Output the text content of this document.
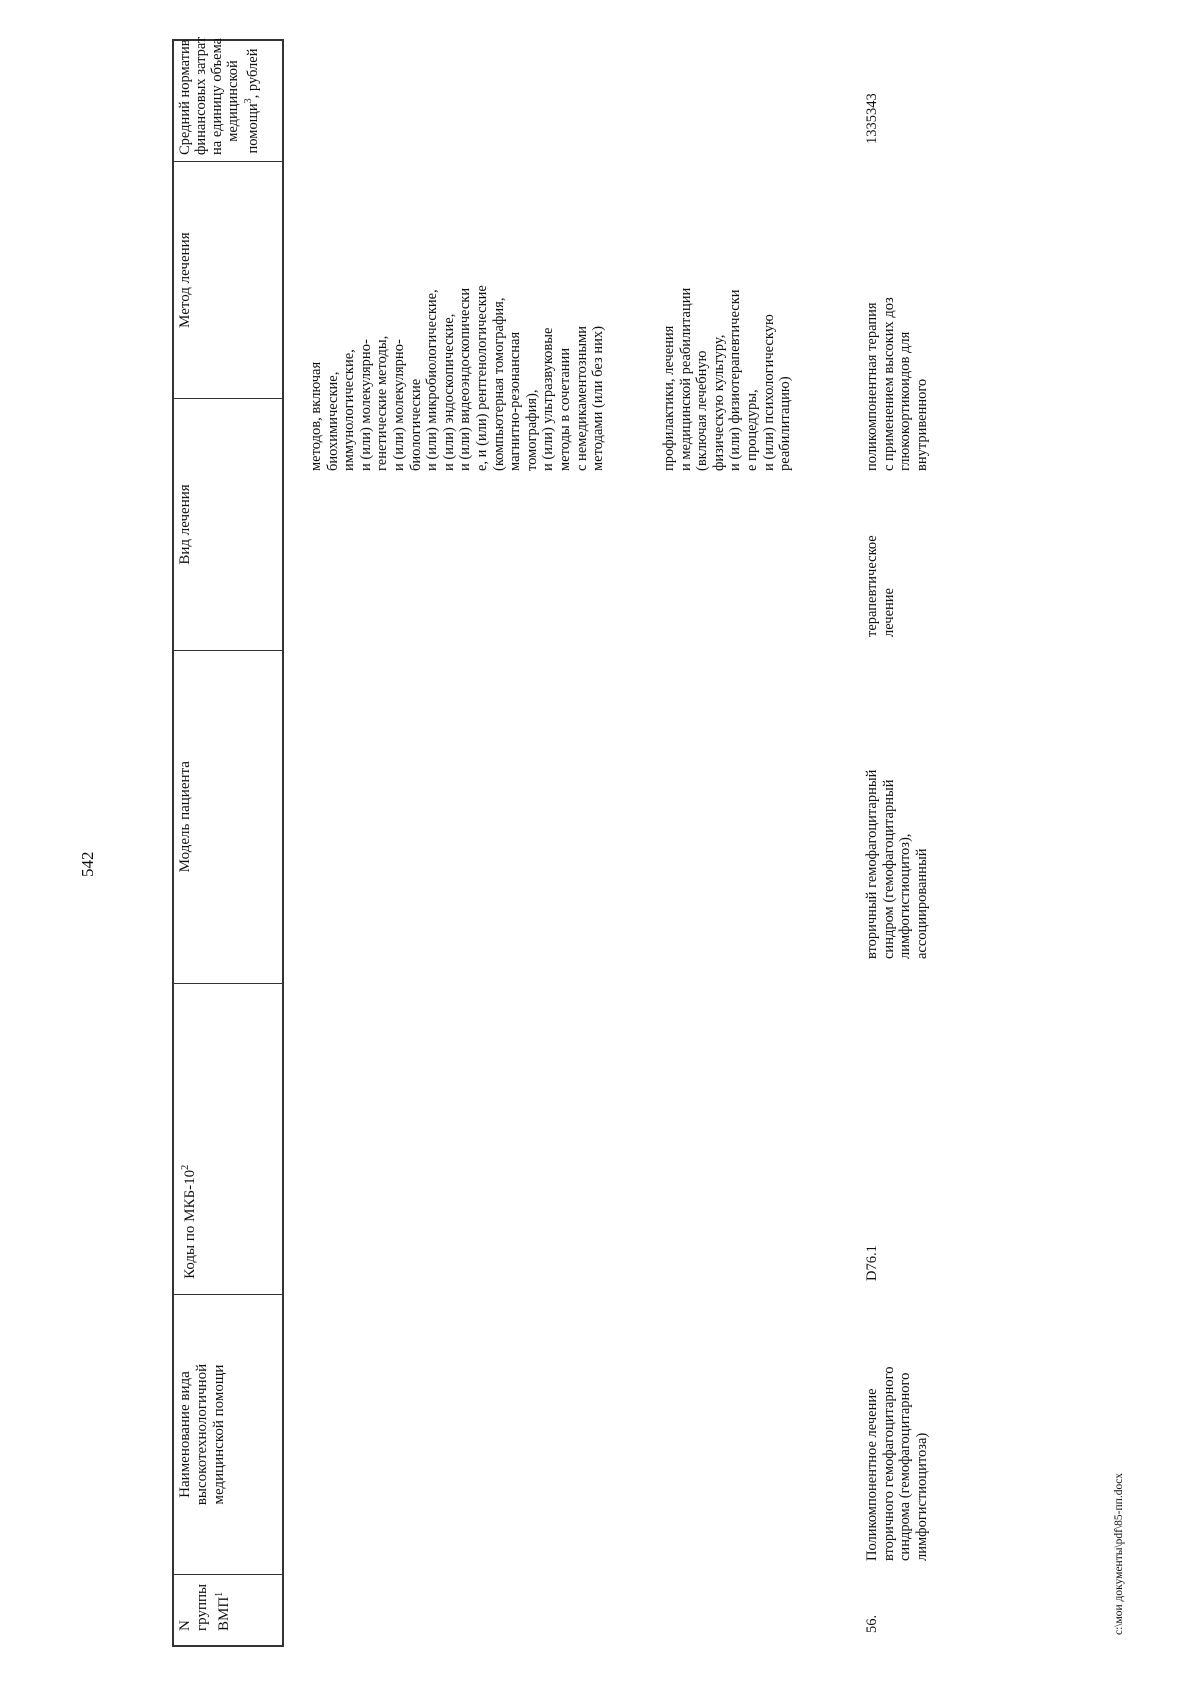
542
N
группы
ВМП$^1$
Наименование вида
высокотехнологичной
медицинской помощи
Коды по МКБ-$10^2$
Модель пациента
Вид лечения
Метод лечения
Средний норматив
финансовых затрат
на единицу объема
медицинской
помощи$^3$, рублей
методов, включая
биохимические,
иммунологические,
и (или) молекулярно-
генетические методы,
и (или) молекулярно-
биологические
и (или) микробиологические,
и (или) эндоскопические,
и (или) видеоэндоскопически
е, и (или) рентгенологические
(компьютерная томография,
магнитно-резонансная
томография),
и (или) ультразвуковые
методы в сочетании
с немедикаментозными
методами (или без них)
профилактики, лечения
и медицинской реабилитации
(включая лечебную
физическую культуру,
и (или) физиотерапевтически
е процедуры,
и (или) психологическую
реабилитацию)
56.
Поликомпонентное лечение
вторичного гемофагоцитарного
синдрома (гемофагоцитарного
лимфогистиоцитоза)
D76.1
вторичный гемофагоцитарный
синдром (гемофагоцитарный
лимфогистиоцитоз),
ассоциированный
терапевтическое
лечение
поликомпонентная терапия
с применением высоких доз
глюкокортикоидов для
внутривенного
1335343
c:\мои документы\pdf\85-пп.docx
